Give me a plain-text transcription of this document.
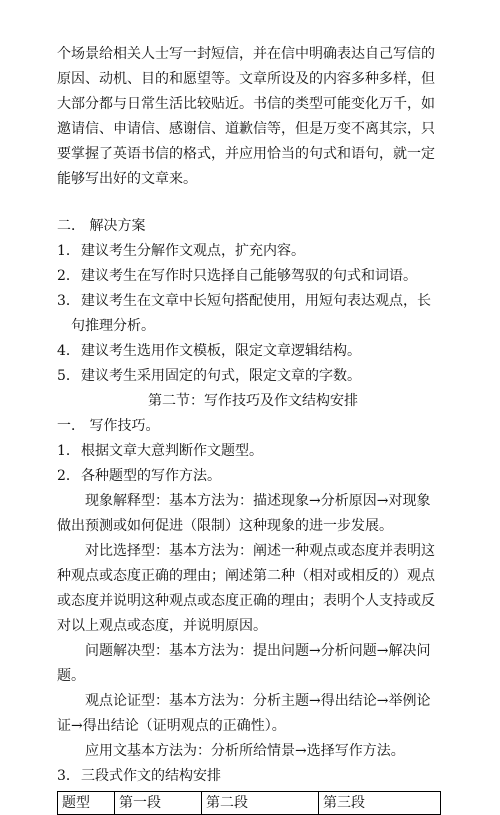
个场景给相关人士写一封短信，并在信中明确表达自己写信的

原因、动机、目的和愿望等。文章所设及的内容多种多样，但

大部分都与日常生活比较贴近。书信的类型可能变化万千，如

邀请信、申请信、感谢信、道歉信等，但是万变不离其宗，只

要掌握了英语书信的格式，并应用恰当的句式和语句，就一定

能够写出好的文章来。

二． 解决方案

1． 建议考生分解作文观点，扩充内容。
2． 建议考生在写作时只选择自己能够驾驭的句式和词语。
3． 建议考生在文章中长短句搭配使用，用短句表达观点，长

句推理分析。

4． 建议考生选用作文模板，限定文章逻辑结构。
5． 建议考生采用固定的句式，限定文章的字数。

第二节：写作技巧及作文结构安排

一． 写作技巧。

1． 根据文章大意判断作文题型。
2． 各种题型的写作方法。

现象解释型：基本方法为：描述现象→分析原因→对现象

做出预测或如何促进（限制）这种现象的进一步发展。

对比选择型：基本方法为：阐述一种观点或态度并表明这

种观点或态度正确的理由；阐述第二种（相对或相反的）观点

或态度并说明这种观点或态度正确的理由；表明个人支持或反

对以上观点或态度，并说明原因。

问题解决型：基本方法为：提出问题→分析问题→解决问

题。

观点论证型：基本方法为：分析主题→得出结论→举例论

证→得出结论（证明观点的正确性）。

应用文基本方法为：分析所给情景→选择写作方法。

3． 三段式作文的结构安排
题型	第一段	第二段	第三段
